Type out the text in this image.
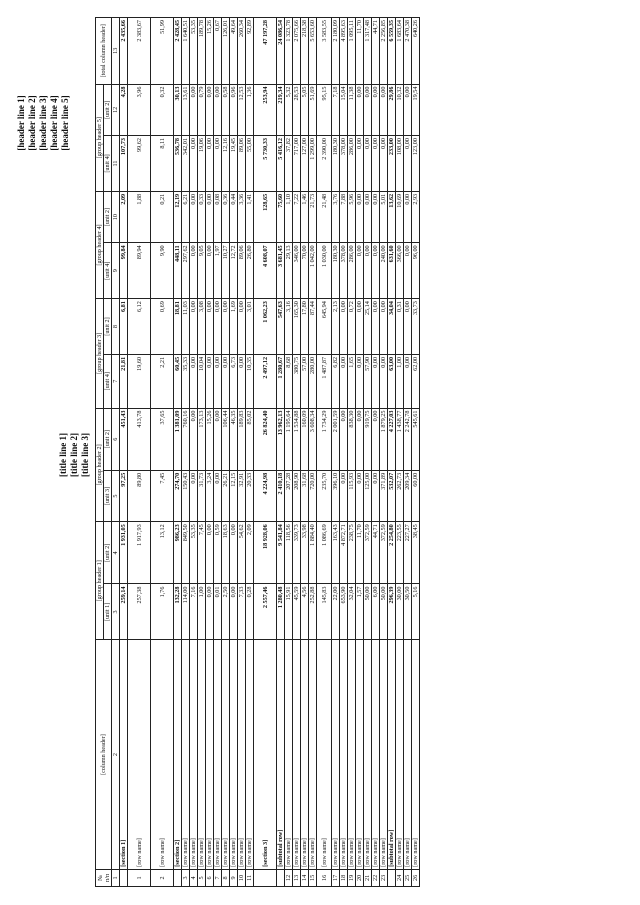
[header line 1] [header line 2] [header line 3] [header line 4] [header line 5]
[title line 1] [title line 2] [title line 3]
№
п/п	[column header]	[group header 1]		[group header 2]		[group header 3]		[group header 4]		[group header 5]		[total column header]
		[unit 1]	[unit 2]	[unit 3]	[unit 2]	[unit 4]	[unit 2]	[unit 4]	[unit 2]	[unit 4]	[unit 2]	
1	2	3	4	5	6	7	8	9	10	11	12	13
	[section 1]	259,14	1 931,05	97,25	451,43	21,81	6,81	99,84	2,09	107,73	4,28	2 435,66
1	[row name]	257,38	1 917,93	89,80	413,78	19,60	6,12	89,94	1,88	99,62	3,96	2 383,67
2	[row name]	1,76	13,12	7,45	37,65	2,21	0,69	9,90	0,21	8,11	0,32	51,99
	[section 2]	132,28	986,23	274,70	1 381,09	60,45	18,81	448,11	12,19	536,78	30,13	2 428,45
3	[row name]	114,00	849,50	150,43	760,16	35,33	11,03	297,62	6,21	342,01	13,61	1 640,51
4	[row name]	7,16	53,35	0,00	0,00	0,00	0,00	0,00	0,00	0,00	0,00	53,35
5	[row name]	1,00	7,45	31,73	173,13	10,04	3,08	9,05	0,33	19,06	0,79	189,78
6	[row name]	0,00	0,00	3,24	15,26	0,00	0,00	0,00	0,00	0,00	0,00	15,26
7	[row name]	0,01	0,59	0,00	0,00	0,00	0,00	1,97	0,08	0,00	0,00	0,67
8	[row name]	2,50	18,63	26,21	106,44	0,00	0,00	10,27	0,36	12,16	0,58	126,01
9	[row name]	0,00	0,00	12,15	46,35	6,73	1,69	12,72	0,44	19,45	0,96	49,64
10	[row name]	7,33	54,62	32,91	189,83	0,00	0,00	89,06	3,36	89,06	12,53	260,34
11	[row name]	0,28	2,09	20,33	85,02	10,35	3,01	26,80	1,41	55,00	1,36	92,89
	[section 3]	2 557,46	18 928,06	4 224,98	26 824,40	2 497,12	1 062,23	4 608,07	128,65	5 730,33	253,94	47 197,28
	[subtotal row]	1 280,48	9 541,84	2 410,18	13 962,13	1 280,67	547,63	3 681,45	75,60	5 416,12	219,34	24 086,54
12	[row name]	15,91	118,56	207,28	1 195,64	8,68	3,16	29,13	1,10	37,82	5,32	1 323,78
13	[row name]	45,59	339,73	208,90	1 534,88	380,75	165,30	346,00	7,22	717,00	28,53	2 075,66
14	[row name]	4,56	33,98	31,68	160,09	57,00	17,80	70,00	1,46	127,00	5,05	218,38
15	[row name]	252,88	1 884,40	720,00	3 608,34	280,00	87,44	1 042,00	21,73	1 299,00	51,69	5 653,60
16	[row name]	145,83	1 086,69	235,70	1 734,29	1 487,87	645,94	1 030,00	21,48	2 390,00	95,15	3 583,55
17	[row name]	22,00	163,43	396,10	2 001,59	6,82	2,13	180,30	3,76	180,30	7,18	2 180,09
18	[row name]	653,90	4 872,71	0,00	0,00	0,00	0,00	378,00	7,88	378,00	15,04	4 895,63
19	[row name]	32,04	238,75	115,93	838,30	1,65	0,72	286,00	5,96	286,00	11,38	1 095,11
20	[row name]	1,57	11,70	0,00	0,00	0,00	0,00	0,00	0,00	0,00	0,00	11,70
21	[row name]	50,00	372,59	125,00	919,75	57,90	25,14	0,00	0,00	0,00	0,00	1 317,48
22	[row name]	6,00	44,71	0,00	0,00	0,00	0,00	0,00	0,00	0,00	0,00	44,71
23	[row name]	50,00	372,59	371,89	1 879,25	0,00	0,00	240,00	5,01	0,00	0,00	2 256,85
	[subtotal row]	296,39	2 254,80	532,07	4 227,03	63,00	34,04	631,60	13,62	233,00	29,86	6 559,35
24	[row name]	30,00	223,55	262,73	1 438,77	1,00	0,31	366,00	10,69	108,00	10,32	1 683,64
25	[row name]	30,50	227,27	209,34	2 242,78	0,00	0,00	0,00	0,00	0,00	0,00	2 470,38
26	[row name]	5,16	38,45	60,00	545,61	62,00	33,73	96,00	2,93	123,00	19,54	640,26
